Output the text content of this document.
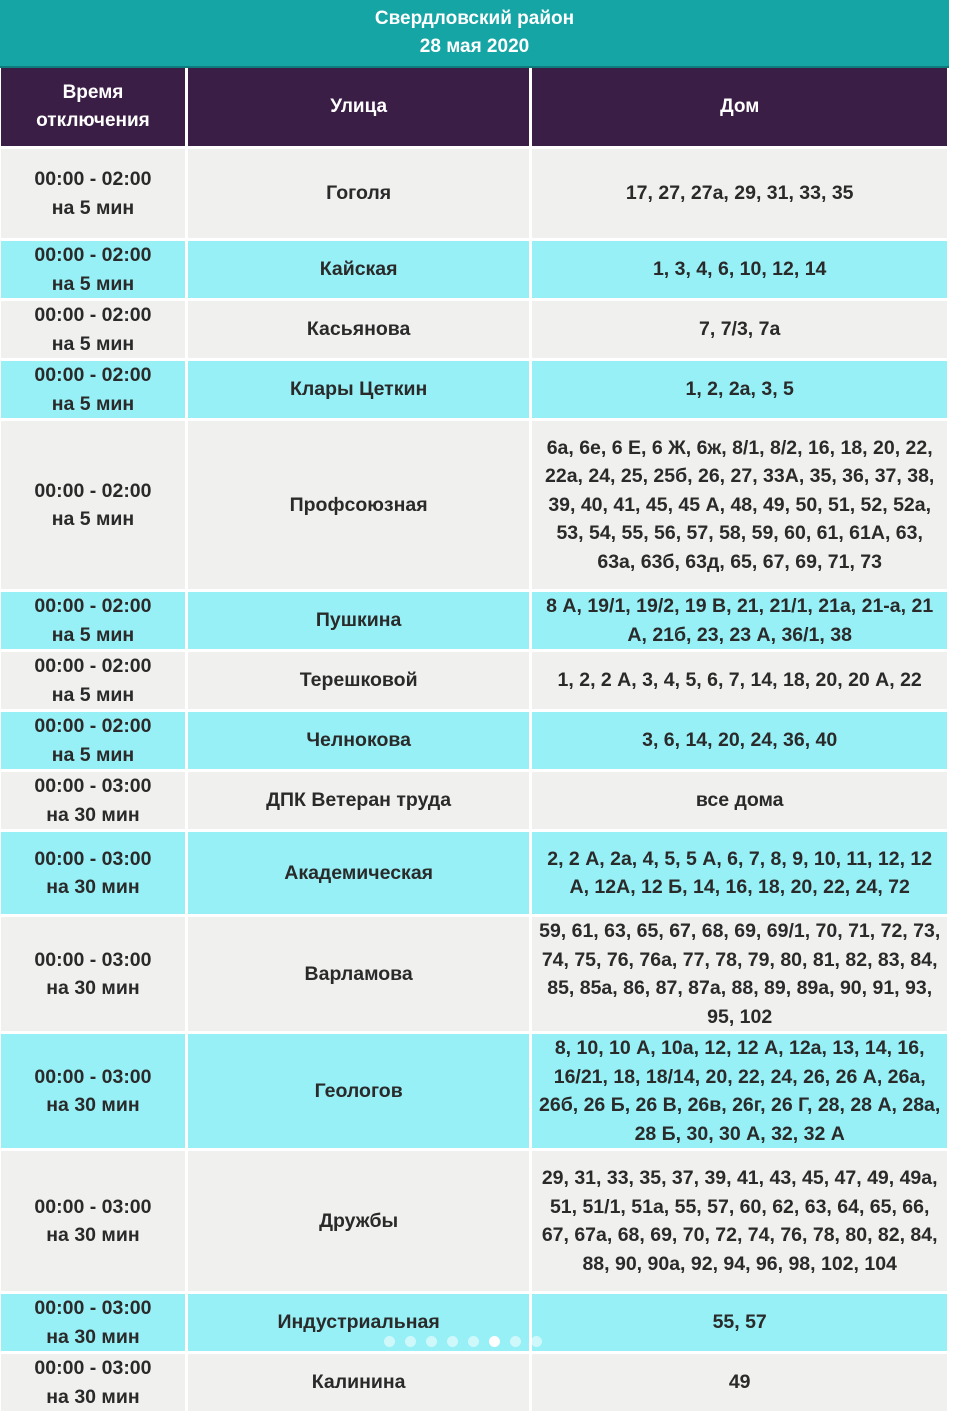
Свердловский район
28 мая 2020
Время
отключения	Улица	Дом
00:00 - 02:00
на 5 мин	Гоголя	17, 27, 27а, 29, 31, 33, 35
00:00 - 02:00
на 5 мин	Кайская	1, 3, 4, 6, 10, 12, 14
00:00 - 02:00
на 5 мин	Касьянова	7, 7/3, 7а
00:00 - 02:00
на 5 мин	Клары Цеткин	1, 2, 2а, 3, 5
00:00 - 02:00
на 5 мин	Профсоюзная	6а, 6е, 6 Е, 6 Ж, 6ж, 8/1, 8/2, 16, 18, 20, 22, 22а, 24, 25, 25б, 26, 27, 33А, 35, 36, 37, 38, 39, 40, 41, 45, 45 А, 48, 49, 50, 51, 52, 52а, 53, 54, 55, 56, 57, 58, 59, 60, 61, 61А, 63, 63а, 63б, 63д, 65, 67, 69, 71, 73
00:00 - 02:00
на 5 мин	Пушкина	8 А, 19/1, 19/2, 19 В, 21, 21/1, 21а, 21-а, 21 А, 21б, 23, 23 А, 36/1, 38
00:00 - 02:00
на 5 мин	Терешковой	1, 2, 2 А, 3, 4, 5, 6, 7, 14, 18, 20, 20 А, 22
00:00 - 02:00
на 5 мин	Челнокова	3, 6, 14, 20, 24, 36, 40
00:00 - 03:00
на 30 мин	ДПК Ветеран труда	все дома
00:00 - 03:00
на 30 мин	Академическая	2, 2 А, 2а, 4, 5, 5 А, 6, 7, 8, 9, 10, 11, 12, 12 А, 12А, 12 Б, 14, 16, 18, 20, 22, 24, 72
00:00 - 03:00
на 30 мин	Варламова	59, 61, 63, 65, 67, 68, 69, 69/1, 70, 71, 72, 73, 74, 75, 76, 76а, 77, 78, 79, 80, 81, 82, 83, 84, 85, 85а, 86, 87, 87а, 88, 89, 89а, 90, 91, 93, 95, 102
00:00 - 03:00
на 30 мин	Геологов	8, 10, 10 А, 10а, 12, 12 А, 12а, 13, 14, 16, 16/21, 18, 18/14, 20, 22, 24, 26, 26 А, 26а, 26б, 26 Б, 26 В, 26в, 26г, 26 Г, 28, 28 А, 28а, 28 Б, 30, 30 А, 32, 32 А
00:00 - 03:00
на 30 мин	Дружбы	29, 31, 33, 35, 37, 39, 41, 43, 45, 47, 49, 49а, 51, 51/1, 51а, 55, 57, 60, 62, 63, 64, 65, 66, 67, 67а, 68, 69, 70, 72, 74, 76, 78, 80, 82, 84, 88, 90, 90а, 92, 94, 96, 98, 102, 104
00:00 - 03:00
на 30 мин	Индустриальная	55, 57
00:00 - 03:00
на 30 мин	Калинина	49
